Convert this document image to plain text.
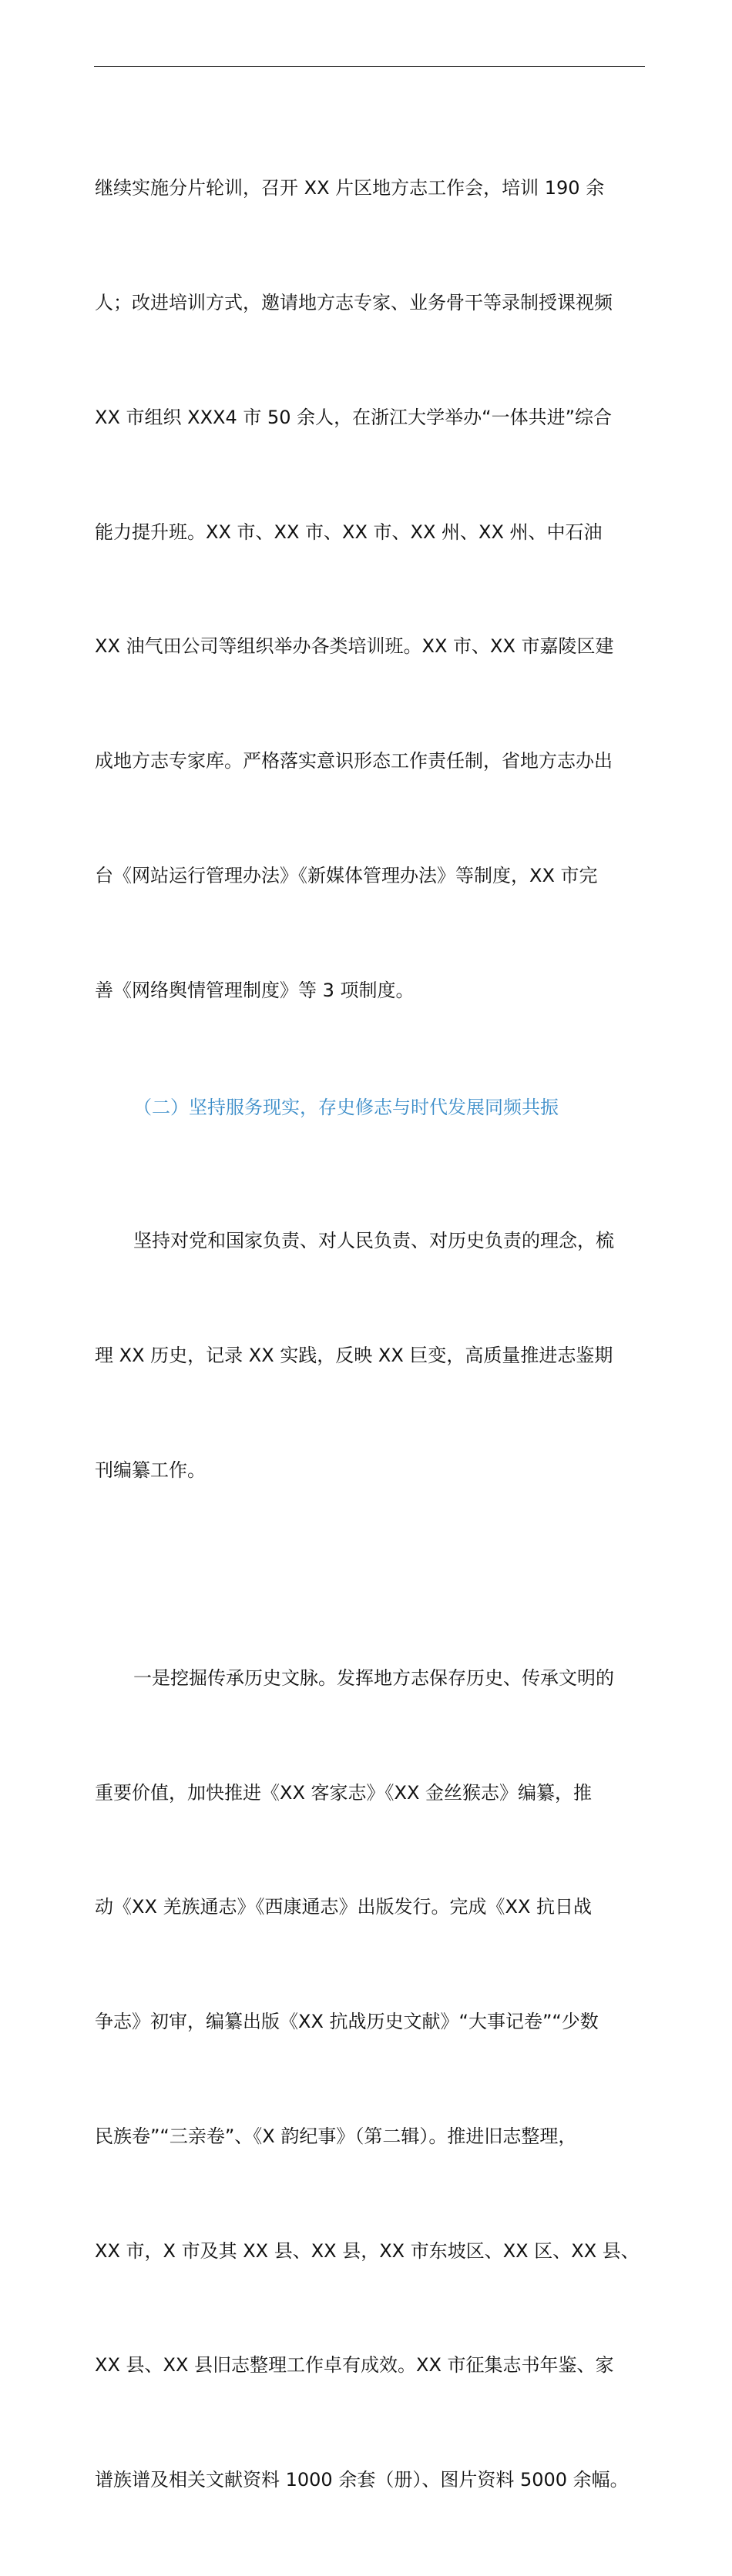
继续实施分片轮训，召开 XX 片区地方志工作会，培训 190 余

人；改进培训方式，邀请地方志专家、业务骨干等录制授课视频

XX 市组织 XXX4 市 50 余人，在浙江大学举办“一体共进”综合

能力提升班。XX 市、XX 市、XX 市、XX 州、XX 州、中石油

XX 油气田公司等组织举办各类培训班。XX 市、XX 市嘉陵区建

成地方志专家库。严格落实意识形态工作责任制，省地方志办出

台《网站运行管理办法》《新媒体管理办法》等制度，XX 市完

善《网络舆情管理制度》等 3 项制度。

（二）坚持服务现实，存史修志与时代发展同频共振

坚持对党和国家负责、对人民负责、对历史负责的理念，梳

理 XX 历史，记录 XX 实践，反映 XX 巨变，高质量推进志鉴期

刊编纂工作。

一是挖掘传承历史文脉。发挥地方志保存历史、传承文明的

重要价值，加快推进《XX 客家志》《XX 金丝猴志》编纂，推

动《XX 羌族通志》《西康通志》出版发行。完成《XX 抗日战

争志》初审，编纂出版《XX 抗战历史文献》“大事记卷”“少数

民族卷”“三亲卷”、《X 韵纪事》（第二辑）。推进旧志整理，

XX 市，X 市及其 XX 县、XX 县，XX 市东坡区、XX 区、XX 县、

XX 县、XX 县旧志整理工作卓有成效。XX 市征集志书年鉴、家

谱族谱及相关文献资料 1000 余套（册）、图片资料 5000 余幅。
